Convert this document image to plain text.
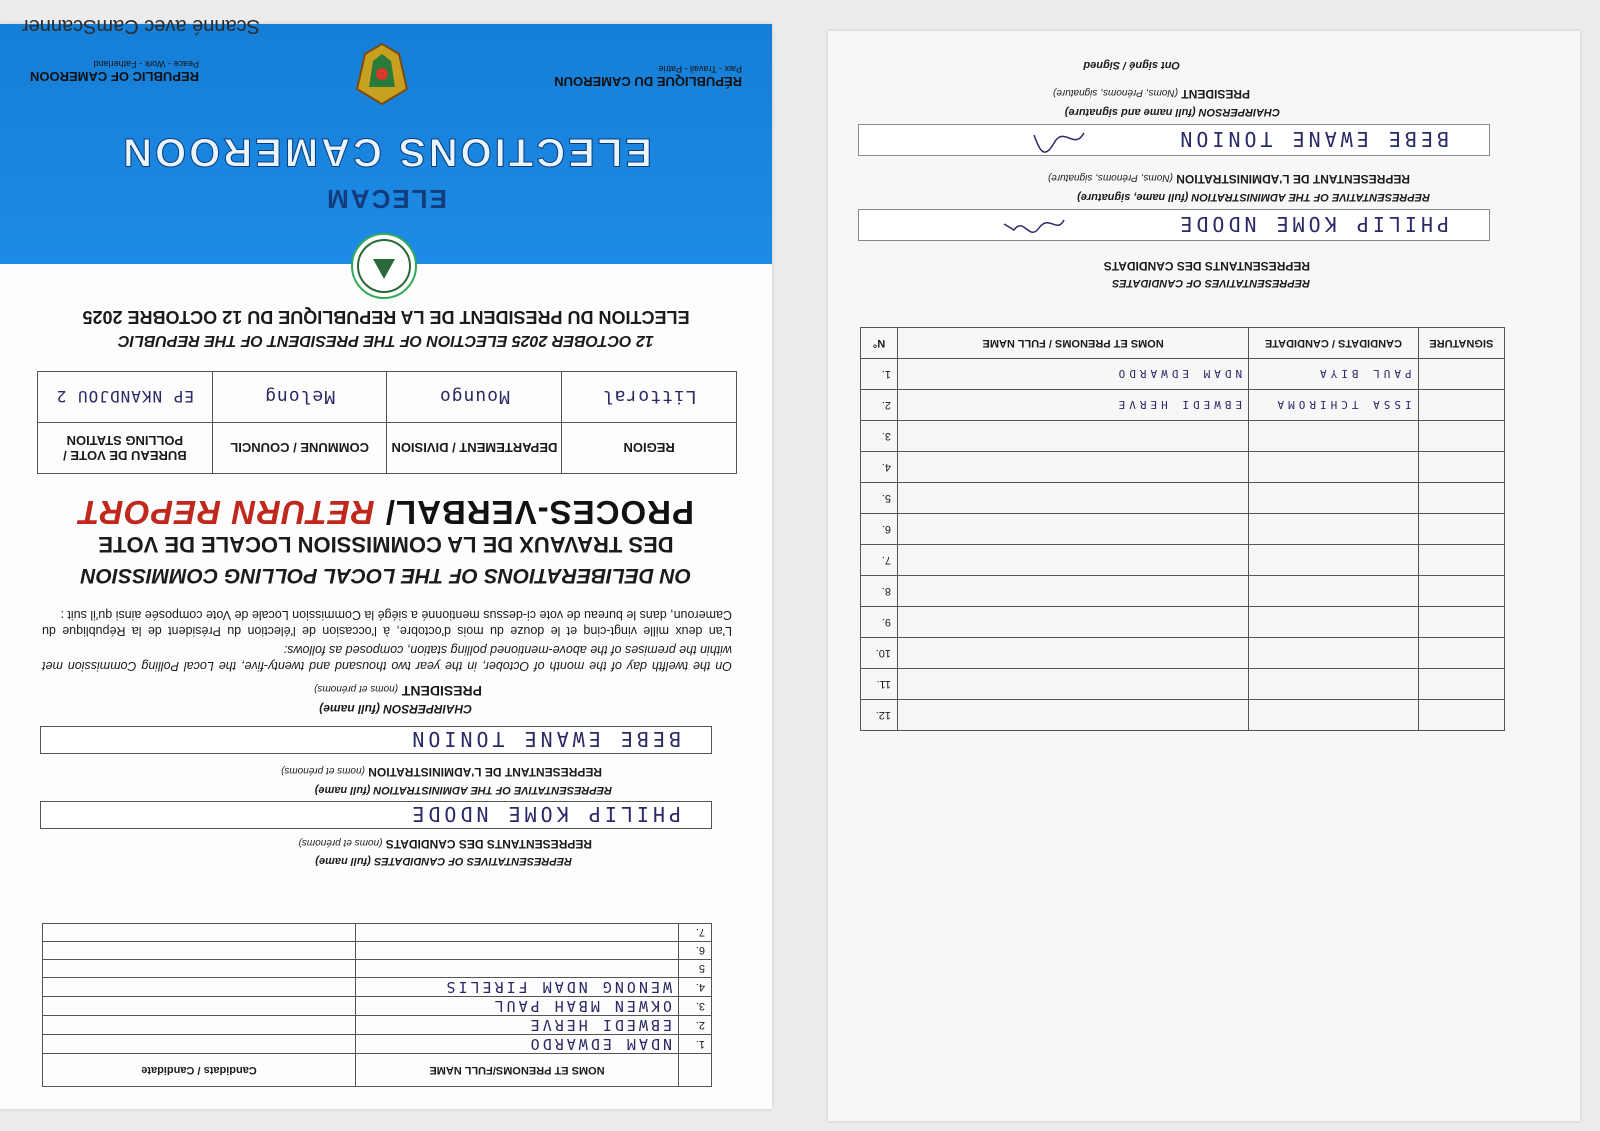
Ont signé / Signed
PRESIDENT (Noms, Prénoms, signature)
CHAIRPERSON (full name and signature)
BEBE EWANE TONION
REPRESENTANT DE L'ADMINISTRATION (Noms, Prénoms, signature)
REPRESENTATIVE OF THE ADMINISTRATION (full name, signature)
PHILIP KOME NDODE
REPRESENTANTS DES CANDIDATS
REPRESENTATIVES OF CANDIDATES
			12.
			11.
			10.
			9.
			8.
			7.
			6.
			5.
			4.
			3.
	ISSA TCHIROMA	EBWEDI HERVE	2.
	PAUL BIYA	NDAM EDWARDO	1.
SIGNATURE	CANDIDATS / CANDIDATE	NOMS ET PRENOMS / FULL NAME	N°
ELECAM
ELECTIONS CAMEROON
RÉPUBLIQUE DU CAMEROUN
Paix - Travail - Patrie
REPUBLIC OF CAMEROON
Peace - Work - Fatherland
ELECTION DU PRESIDENT DE LA REPUBLIQUE DU 12 OCTOBRE 2025
12 OCTOBER 2025 ELECTION OF THE PRESIDENT OF THE REPUBLIC
REGION	DEPARTEMENT / DIVISION	COMMUNE / COUNCIL	BUREAU DE VOTE / POLLING STATION
Littoral	Moungo	Melong	EP NKANDJOU 2
PROCES-VERBAL/ RETURN REPORT
DES TRAVAUX DE LA COMMISSION LOCALE DE VOTE
ON DELIBERATIONS OF THE LOCAL POLLING COMMISSION
L'an deux mille vingt-cinq et le douze du mois d'octobre, à l'occasion de l'élection du Président de la République du Cameroun, dans le bureau de vote ci-dessus mentionné a siégé la Commission Locale de Vote composée ainsi qu'il suit :
On the twelfth day of the month of October, in the year two thousand and twenty-five, the Local Polling Commission met within the premises of the above-mentioned polling station, composed as follows:
PRESIDENT (noms et prénoms)
CHAIRPERSON (full name)
BEBE EWANE TONION
REPRESENTANT DE L'ADMINISTRATION (noms et prénoms)
REPRESENTATIVE OF THE ADMINISTRATION (full name)
PHILIP KOME NDODE
REPRESENTANTS DES CANDIDATS (noms et prénoms)
REPRESENTATIVES OF CANDIDATES (full name)
	NOMS ET PRENOMS/FULL NAME	Candidats / Candidate
1.	NDAM EDWARDO	
2.	EBWEDI HERVE	
3.	OKWEN MBAH PAUL	
4.	WENONG NDAM FIRELIS	
5		
6.		
7.		
Scanné avec CamScanner
